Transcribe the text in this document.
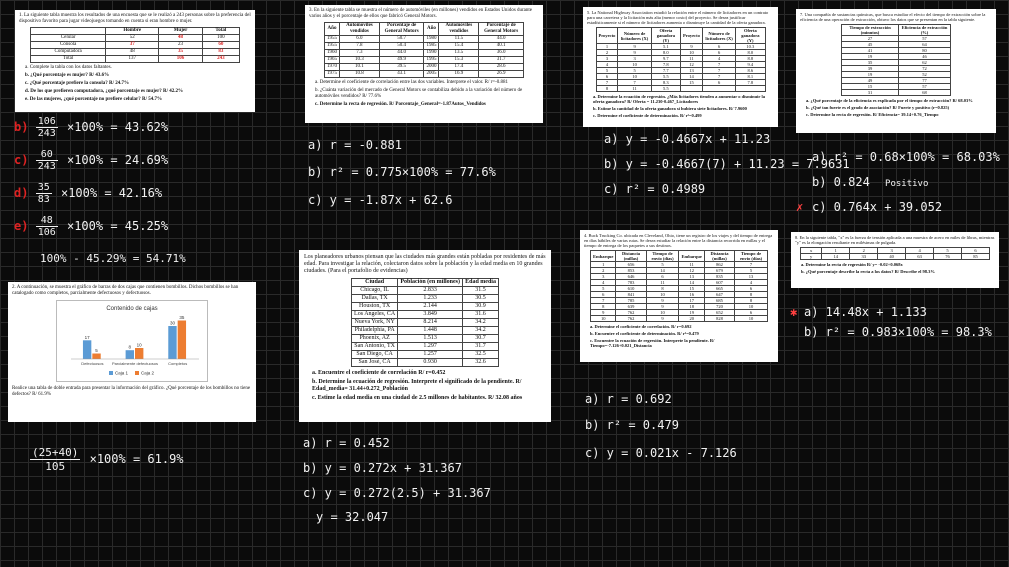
1. La siguiente tabla muestra los resultados de una encuesta que se le realizó a 243 personas sobre la preferencia del dispositivo favorito para jugar videojuegos tomando en cuenta si eran hombre o mujer.

	Hombre	Mujer	Total
Celular	52	48	100
Consola	37	23	60
Computadora	48	35	83
Total	137	106	243

a. Complete la tabla con los datos faltantes.

b. ¿Qué porcentaje es mujer? R/ 43.6%

c. ¿Qué porcentaje prefiere la consola? R/ 24.7%

d. De los que prefieren computadora, ¿qué porcentaje es mujer? R/ 42.2%

e. De las mujeres, ¿qué porcentaje no prefiere celular? R/ 54.7%

$b) \frac{106}{243} \times 100\% = 43.62\%$
$c) \frac{60}{243} \times 100\% = 24.69\%$
$d) \frac{35}{83} \times 100\% = 42.16\%$
$e) \frac{48}{106} \times 100\% = 45.25\%$
100% - 45.29% = 54.71%

3. En la siguiente tabla se muestra el número de automóviles (en millones) vendidos en Estados Unidos durante varios años y el porcentaje de ellos que fabricó General Motors.

Año	Automóviles vendidos	Porcentaje de General Motors	Año	Automóviles vendidos	Porcentaje de General Motors
1955	6.0	50.7	1980	11.5	44.0
1955	7.8	50.4	1985	15.4	40.1
1960	7.3	44.0	1990	13.5	36.0
1965	10.3	49.9	1995	15.3	31.7
1970	10.1	39.5	2000	17.4	28.6
1975	10.8	43.1	2005	16.9	26.9

a. Determine el coeficiente de correlación entre las dos variables. Interprete el valor. R/ r=-0.881

b. ¿Cuánta variación del mercado de General Motors se contabiliza debido a la variación del número de automóviles vendidos? R/ 77.6%

c. Determine la recta de regresión. R/ Porcentaje_General=-1.87Autos_Vendidos

a) r = -0.881
b) r² = 0.775×100% = 77.6%
c) y = -1.87x + 62.6

5. La National Highway Association estudió la relación entre el número de licitadores en un contrato para una carretera y la licitación más alta (menor costo) del proyecto. Se desea justificar estadísticamente si el número de licitadores aumenta o disminuye la cantidad de la oferta ganadora.

Proyecto	Número de licitadores (X)	Oferta ganadora (Y)	Proyecto	Número de licitadores (X)	Oferta ganadora (Y)
1	9	5.1	9	6	10.3
2	9	8.0	10	6	8.0
3	3	9.7	11	4	8.8
4	10	7.8	12	7	9.4
5	5	7.7	13	7	8.6
6	10	5.5	14	7	8.1
7	7	8.3	15	6	7.8
8	11	5.5			

a. Determine la ecuación de regresión. ¿Más licitadores tienden a aumentar o disminuir la oferta ganadora? R/ Oferta = 11.230-0.467_Licitadores

b. Estime la cantidad de la oferta ganadora si hubiera siete licitadores. R/ 7.9600

c. Determine el coeficiente de determinación. R/ r²=0.499

a) y = -0.4667x + 11.23
b) y = -0.4667(7) + 11.23 = 7.9631
c) r² = 0.4989

7. Una compañía de sustancias químicas, que busca estudiar el efecto del tiempo de extracción sobre la eficiencia de una operación de extracción, obtuvo los datos que se presentan en la tabla siguiente.

Tiempo de extracción (minutos)	Eficiencia de extracción (%)
27	57
45	64
41	80
19	46
35	62
39	72
19	52
49	77
15	57
31	68

a. ¿Qué porcentaje de la eficiencia es explicada por el tiempo de extracción? R/ 68.03%

b. ¿Qué tan fuerte es el grado de asociación? R/ Fuerte y positivo (r=0.825)

c. Determine la recta de regresión. R/ Eficiencia= 39.14+0.76_Tiempo

a) r² = 0.68×100% = 68.03%
b) 0.824 Positivo
✗ c) 0.764x + 39.052

2. A continuación, se muestra el gráfico de barras de dos cajas que contienen bombillos. Dichos bombillos se han catalogado como completos, parcialmente defectuosos y defectuosos.

Contenido de cajas
17
5
8 10
30
35
Defectuosos Parcialmente defectuosos	Completos
Caja 1	Caja 2

Realice una tabla de doble entrada para presentar la información del gráfico. ¿Qué porcentaje de los bombillos no tiene defectos? R/ 61.9%

$\frac{(25+40)}{105} \times 100\% = 61.9\%$

Los planeadores urbanos piensan que las ciudades más grandes están pobladas por residentes de más edad. Para investigar la relación, colectaron datos sobre la población y la edad media en 10 grandes ciudades. (Para el portafolio de evidencias)

Ciudad	Población (en millones)	Edad media
Chicago, IL	2.833	31.5
Dallas, TX	1.233	30.5
Houston, TX	2.144	30.9
Los Angeles, CA	3.849	31.6
Nueva York, NY	8.214	34.2
Philadelphia, PA	1.448	34.2
Phoenix, AZ	1.513	30.7
San Antonio, TX	1.297	31.7
San Diego, CA	1.257	32.5
San José, CA	0.930	32.6

a. Encuentre el coeficiente de correlación R/ r=0.452

b. Determine la ecuación de regresión. Interprete el significado de la pendiente. R/ Edad_media= 31.44+0.272_Población

c. Estime la edad media en una ciudad de 2.5 millones de habitantes. R/ 32.08 años

a) r = 0.452
b) y = 0.272x + 31.367
c) y = 0.272(2.5) + 31.367
y = 32.047

4. Buck Trucking Co. ubicada en Cleveland, Ohio, tiene un registro de los viajes y del tiempo de entrega en días hábiles de varias rutas. Se desea estudiar la relación entre la distancia recorrida en millas y el tiempo de entrega de los paquetes a sus destinos.

Embarque	Distancia (millas)	Tiempo de envío (días)	Embarque	Distancia (millas)	Tiempo de envío (días)
1	656	5	11	862	7
2	853	14	12	679	5
3	646	6	13	835	13
4	783	11	14	607	4
5	610	8	15	665	6
6	841	10	16	647	8
7	785	9	17	685	8
8	639	9	18	720	10
9	762	10	19	652	6
10	762	9	20	828	10

a. Determine el coeficiente de correlación. R/ r=0.692

b. Encuentre el coeficiente de determinación. R/ r²=0.479

c. Encuentre la ecuación de regresión. Interprete la pendiente. R/ Tiempo=-7.126+0.021_Distancia

a) r = 0.692
b) r² = 0.479
c) y = 0.021x - 7.126

8. En la siguiente tabla, "x" es la fuerza de tensión aplicada a una muestra de acero en miles de libras, mientras "y" es la elongación resultante en milésimas de pulgada.

x	1	2	3	4	5	6
y	14	33	40	63	76	85

a. Determine la recta de regresión R/ y= -0.02+0.068x

b. ¿Qué porcentaje describe la recta a los datos? R/ Describe el 98.3%

✱ a) 14.48x + 1.133
b) r² = 0.983×100% = 98.3%
